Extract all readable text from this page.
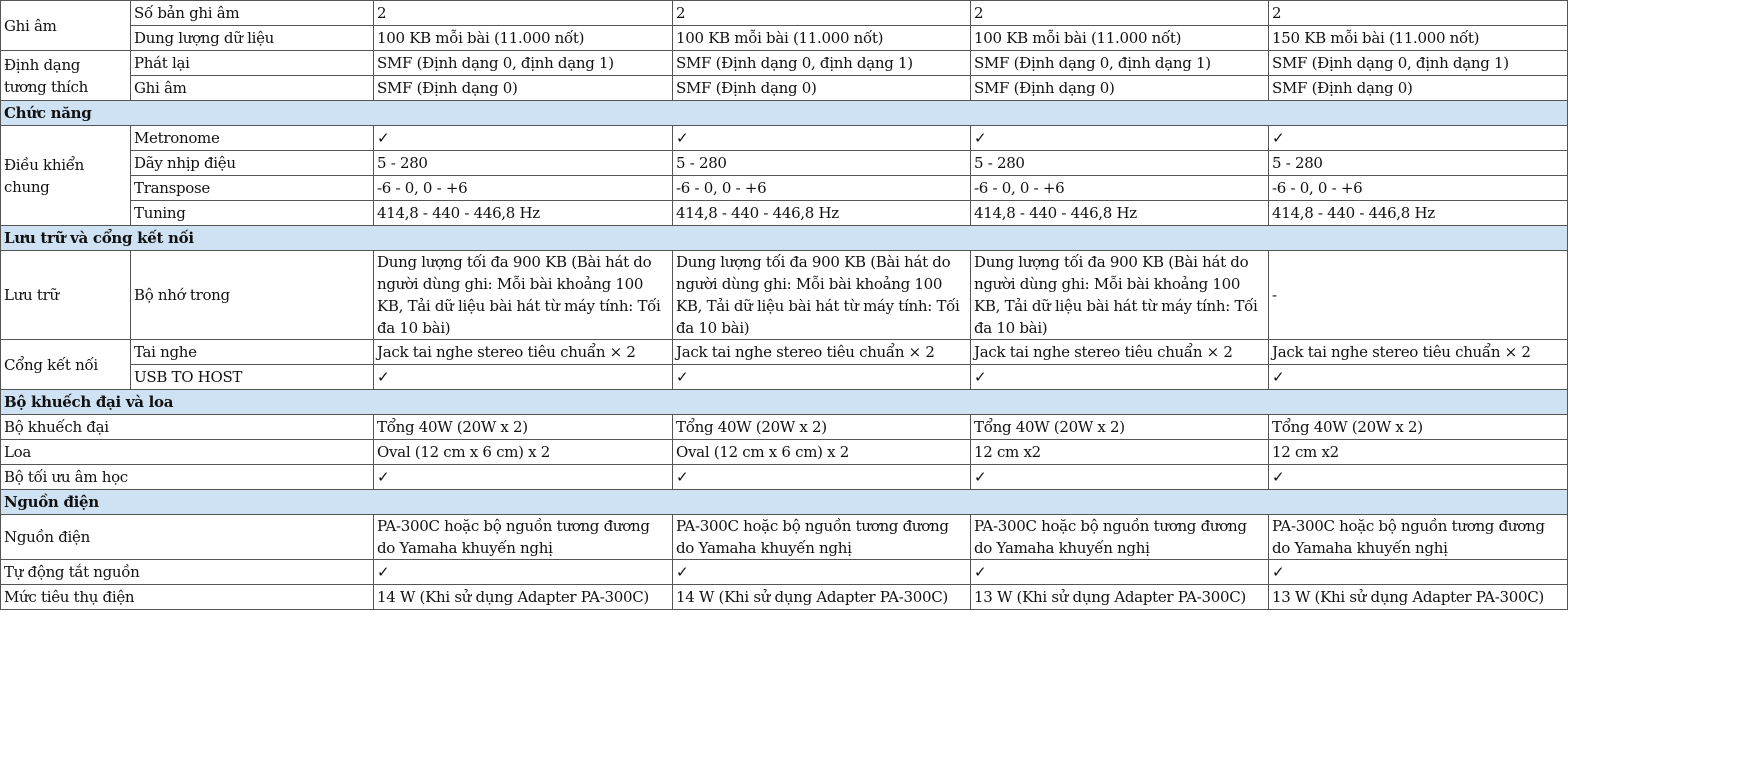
Ghi âm	Số bản ghi âm	2	2	2	2
	Dung lượng dữ liệu	100 KB mỗi bài (11.000 nốt)	100 KB mỗi bài (11.000 nốt)	100 KB mỗi bài (11.000 nốt)	150 KB mỗi bài (11.000 nốt)
Định dạng tương thích	Phát lại	SMF (Định dạng 0, định dạng 1)	SMF (Định dạng 0, định dạng 1)	SMF (Định dạng 0, định dạng 1)	SMF (Định dạng 0, định dạng 1)
	Ghi âm	SMF (Định dạng 0)	SMF (Định dạng 0)	SMF (Định dạng 0)	SMF (Định dạng 0)
Chức năng					
Điều khiển chung	Metronome	✓	✓	✓	✓
	Dãy nhịp điệu	5 - 280	5 - 280	5 - 280	5 - 280
	Transpose	-6 - 0, 0 - +6	-6 - 0, 0 - +6	-6 - 0, 0 - +6	-6 - 0, 0 - +6
	Tuning	414,8 - 440 - 446,8 Hz	414,8 - 440 - 446,8 Hz	414,8 - 440 - 446,8 Hz	414,8 - 440 - 446,8 Hz
Lưu trữ và cổng kết nối					
Lưu trữ	Bộ nhớ trong	Dung lượng tối đa 900 KB (Bài hát do người dùng ghi: Mỗi bài khoảng 100 KB, Tải dữ liệu bài hát từ máy tính: Tối đa 10 bài)	Dung lượng tối đa 900 KB (Bài hát do người dùng ghi: Mỗi bài khoảng 100 KB, Tải dữ liệu bài hát từ máy tính: Tối đa 10 bài)	Dung lượng tối đa 900 KB (Bài hát do người dùng ghi: Mỗi bài khoảng 100 KB, Tải dữ liệu bài hát từ máy tính: Tối đa 10 bài)	-
Cổng kết nối	Tai nghe	Jack tai nghe stereo tiêu chuẩn × 2	Jack tai nghe stereo tiêu chuẩn × 2	Jack tai nghe stereo tiêu chuẩn × 2	Jack tai nghe stereo tiêu chuẩn × 2
	USB TO HOST	✓	✓	✓	✓
Bộ khuếch đại và loa					
Bộ khuếch đại		Tổng 40W (20W x 2)	Tổng 40W (20W x 2)	Tổng 40W (20W x 2)	Tổng 40W (20W x 2)
Loa		Oval (12 cm x 6 cm) x 2	Oval (12 cm x 6 cm) x 2	12 cm x2	12 cm x2
Bộ tối ưu âm học		✓	✓	✓	✓
Nguồn điện					
Nguồn điện		PA-300C hoặc bộ nguồn tương đương do Yamaha khuyến nghị	PA-300C hoặc bộ nguồn tương đương do Yamaha khuyến nghị	PA-300C hoặc bộ nguồn tương đương do Yamaha khuyến nghị	PA-300C hoặc bộ nguồn tương đương do Yamaha khuyến nghị
Tự động tắt nguồn		✓	✓	✓	✓
Mức tiêu thụ điện		14 W (Khi sử dụng Adapter PA-300C)	14 W (Khi sử dụng Adapter PA-300C)	13 W (Khi sử dụng Adapter PA-300C)	13 W (Khi sử dụng Adapter PA-300C)
